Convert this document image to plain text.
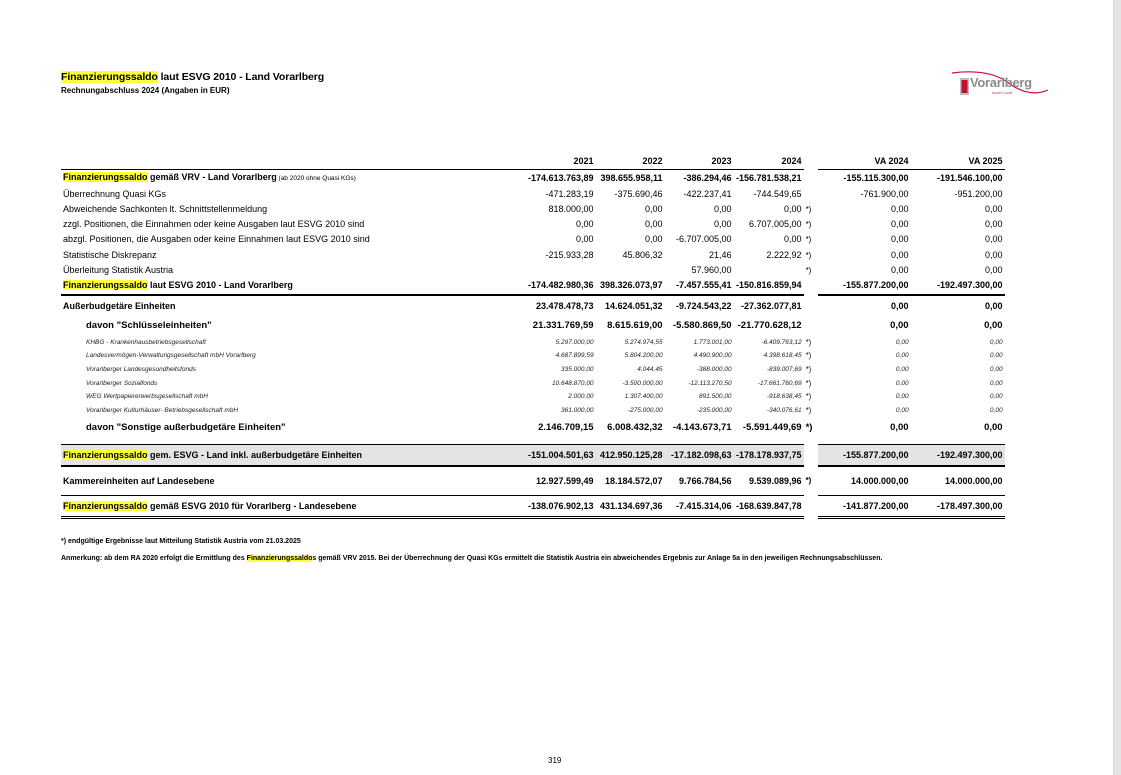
Finanzierungssaldo laut ESVG 2010 - Land Vorarlberg
Rechnungabschluss 2024 (Angaben in EUR)
Vorarlberg
unser Land
	2021	2022	2023	2024		VA 2024	VA 2025
Finanzierungssaldo gemäß VRV - Land Vorarlberg (ab 2020 ohne Quasi KGs)	-174.613.763,89	398.655.958,11	-386.294,46	-156.781.538,21		-155.115.300,00	-191.546.100,00
Überrechnung Quasi KGs	-471.283,19	-375.690,46	-422.237,41	-744.549,65		-761.900,00	-951.200,00
Abweichende Sachkonten lt. Schnittstellenmeldung	818.000,00	0,00	0,00	0,00	*)	0,00	0,00
zzgl. Positionen, die Einnahmen oder keine Ausgaben laut ESVG 2010 sind	0,00	0,00	0,00	6.707.005,00	*)	0,00	0,00
abzgl. Positionen, die Ausgaben oder keine Einnahmen laut ESVG 2010 sind	0,00	0,00	-6.707.005,00	0,00	*)	0,00	0,00
Statistische Diskrepanz	-215.933,28	45.806,32	21,46	2.222,92	*)	0,00	0,00
Überleitung Statistik Austria			57.960,00		*)	0,00	0,00
Finanzierungssaldo laut ESVG 2010 - Land Vorarlberg	-174.482.980,36	398.326.073,97	-7.457.555,41	-150.816.859,94		-155.877.200,00	-192.497.300,00
Außerbudgetäre Einheiten	23.478.478,73	14.624.051,32	-9.724.543,22	-27.362.077,81		0,00	0,00
davon "Schlüsseleinheiten"	21.331.769,59	8.615.619,00	-5.580.869,50	-21.770.628,12		0,00	0,00
KHBG - Krankenhausbetriebsgesellschaft	5.297.000,00	5.274.974,55	1.773.001,00	-6.409.763,12	*)	0,00	0,00
Landesvermögen-Verwaltungsgesellschaft mbH Vorarlberg	4.687.899,59	5.804.200,00	4.490.900,00	4.398.618,45	*)	0,00	0,00
Vorarlberger Landesgesundheitsfonds	335.000,00	4.044,45	-388.000,00	-839.007,69	*)	0,00	0,00
Vorarlberger Sozialfonds	10.648.870,00	-3.500.000,00	-12.113.270,50	-17.661.760,69	*)	0,00	0,00
WEG Wertpapiererwerbsgesellschaft mbH	2.000,00	1.307.400,00	891.500,00	-918.638,45	*)	0,00	0,00
Vorarlberger Kulturhäuser- Betriebsgesellschaft mbH	361.000,00	-275.000,00	-235.000,00	-340.076,61	*)	0,00	0,00
davon "Sonstige außerbudgetäre Einheiten"	2.146.709,15	6.008.432,32	-4.143.673,71	-5.591.449,69	*)	0,00	0,00

Finanzierungssaldo gem. ESVG - Land inkl. außerbudgetäre Einheiten	-151.004.501,63	412.950.125,28	-17.182.098,63	-178.178.937,75		-155.877.200,00	-192.497.300,00
Kammereinheiten auf Landesebene	12.927.599,49	18.184.572,07	9.766.784,56	9.539.089,96	*)	14.000.000,00	14.000.000,00
Finanzierungssaldo gemäß ESVG 2010 für Vorarlberg - Landesebene	-138.076.902,13	431.134.697,36	-7.415.314,06	-168.639.847,78		-141.877.200,00	-178.497.300,00
*) endgültige Ergebnisse laut Mitteilung Statistik Austria vom 21.03.2025
Anmerkung: ab dem RA 2020 erfolgt die Ermittlung des Finanzierungssaldos gemäß VRV 2015. Bei der Überrechnung der Quasi KGs ermittelt die Statistik Austria ein abweichendes Ergebnis zur Anlage 5a in den jeweiligen Rechnungsabschlüssen.
319
